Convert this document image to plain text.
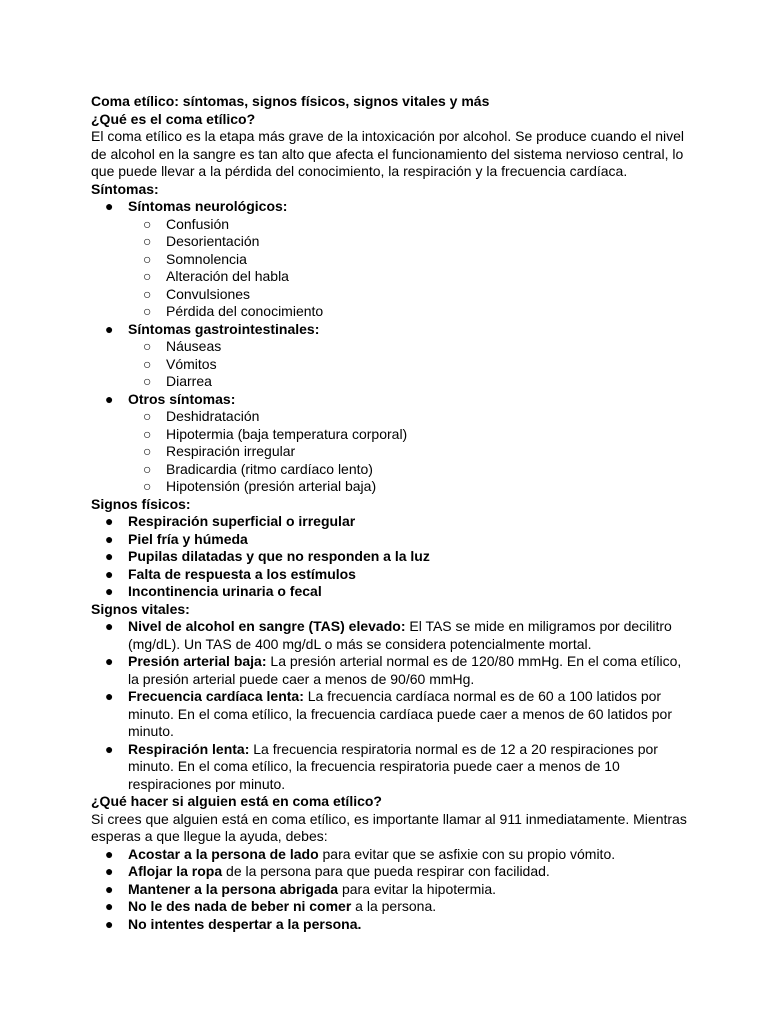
Coma etílico: síntomas, signos físicos, signos vitales y más

¿Qué es el coma etílico?

El coma etílico es la etapa más grave de la intoxicación por alcohol. Se produce cuando el nivel de alcohol en la sangre es tan alto que afecta el funcionamiento del sistema nervioso central, lo que puede llevar a la pérdida del conocimiento, la respiración y la frecuencia cardíaca.

Síntomas:

● Síntomas neurológicos:
○ Confusión
○ Desorientación
○ Somnolencia
○ Alteración del habla
○ Convulsiones
○ Pérdida del conocimiento
● Síntomas gastrointestinales:
○ Náuseas
○ Vómitos
○ Diarrea
● Otros síntomas:
○ Deshidratación
○ Hipotermia (baja temperatura corporal)
○ Respiración irregular
○ Bradicardia (ritmo cardíaco lento)
○ Hipotensión (presión arterial baja)

Signos físicos:

● Respiración superficial o irregular
● Piel fría y húmeda
● Pupilas dilatadas y que no responden a la luz
● Falta de respuesta a los estímulos
● Incontinencia urinaria o fecal

Signos vitales:

● Nivel de alcohol en sangre (TAS) elevado: El TAS se mide en miligramos por decilitro (mg/dL). Un TAS de 400 mg/dL o más se considera potencialmente mortal.
● Presión arterial baja: La presión arterial normal es de 120/80 mmHg. En el coma etílico, la presión arterial puede caer a menos de 90/60 mmHg.
● Frecuencia cardíaca lenta: La frecuencia cardíaca normal es de 60 a 100 latidos por minuto. En el coma etílico, la frecuencia cardíaca puede caer a menos de 60 latidos por minuto.
● Respiración lenta: La frecuencia respiratoria normal es de 12 a 20 respiraciones por minuto. En el coma etílico, la frecuencia respiratoria puede caer a menos de 10 respiraciones por minuto.

¿Qué hacer si alguien está en coma etílico?

Si crees que alguien está en coma etílico, es importante llamar al 911 inmediatamente. Mientras esperas a que llegue la ayuda, debes:

● Acostar a la persona de lado para evitar que se asfixie con su propio vómito.
● Aflojar la ropa de la persona para que pueda respirar con facilidad.
● Mantener a la persona abrigada para evitar la hipotermia.
● No le des nada de beber ni comer a la persona.
● No intentes despertar a la persona.
